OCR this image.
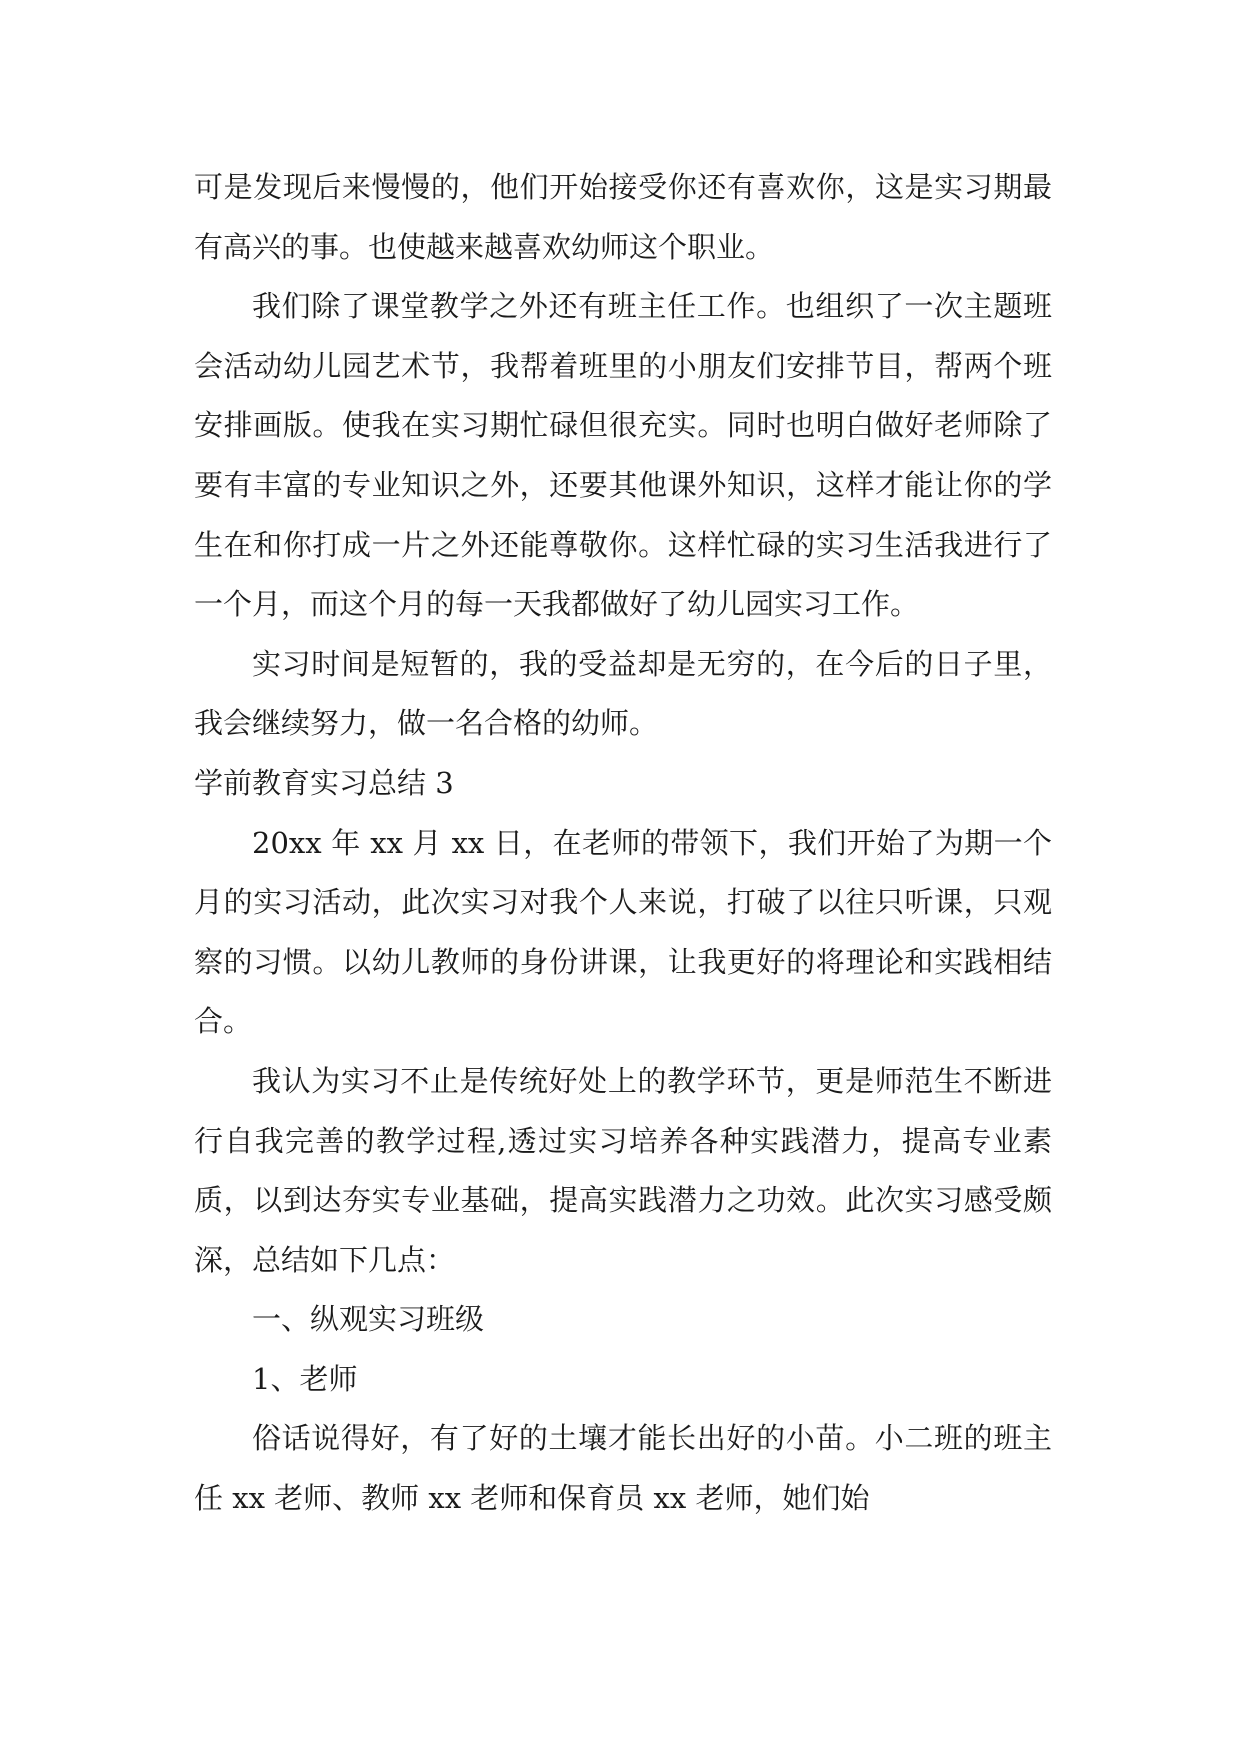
可是发现后来慢慢的，他们开始接受你还有喜欢你，这是实习期最有高兴的事。也使越来越喜欢幼师这个职业。

我们除了课堂教学之外还有班主任工作。也组织了一次主题班会活动幼儿园艺术节，我帮着班里的小朋友们安排节目，帮两个班安排画版。使我在实习期忙碌但很充实。同时也明白做好老师除了要有丰富的专业知识之外，还要其他课外知识，这样才能让你的学生在和你打成一片之外还能尊敬你。这样忙碌的实习生活我进行了一个月，而这个月的每一天我都做好了幼儿园实习工作。

实习时间是短暂的，我的受益却是无穷的，在今后的日子里，我会继续努力，做一名合格的幼师。

学前教育实习总结 3

20xx 年 xx 月 xx 日，在老师的带领下，我们开始了为期一个月的实习活动，此次实习对我个人来说，打破了以往只听课，只观察的习惯。以幼儿教师的身份讲课，让我更好的将理论和实践相结合。

我认为实习不止是传统好处上的教学环节，更是师范生不断进行自我完善的教学过程,透过实习培养各种实践潜力，提高专业素质，以到达夯实专业基础，提高实践潜力之功效。此次实习感受颇深，总结如下几点：

一、纵观实习班级

1、老师

俗话说得好，有了好的土壤才能长出好的小苗。小二班的班主任 xx 老师、教师 xx 老师和保育员 xx 老师，她们始
